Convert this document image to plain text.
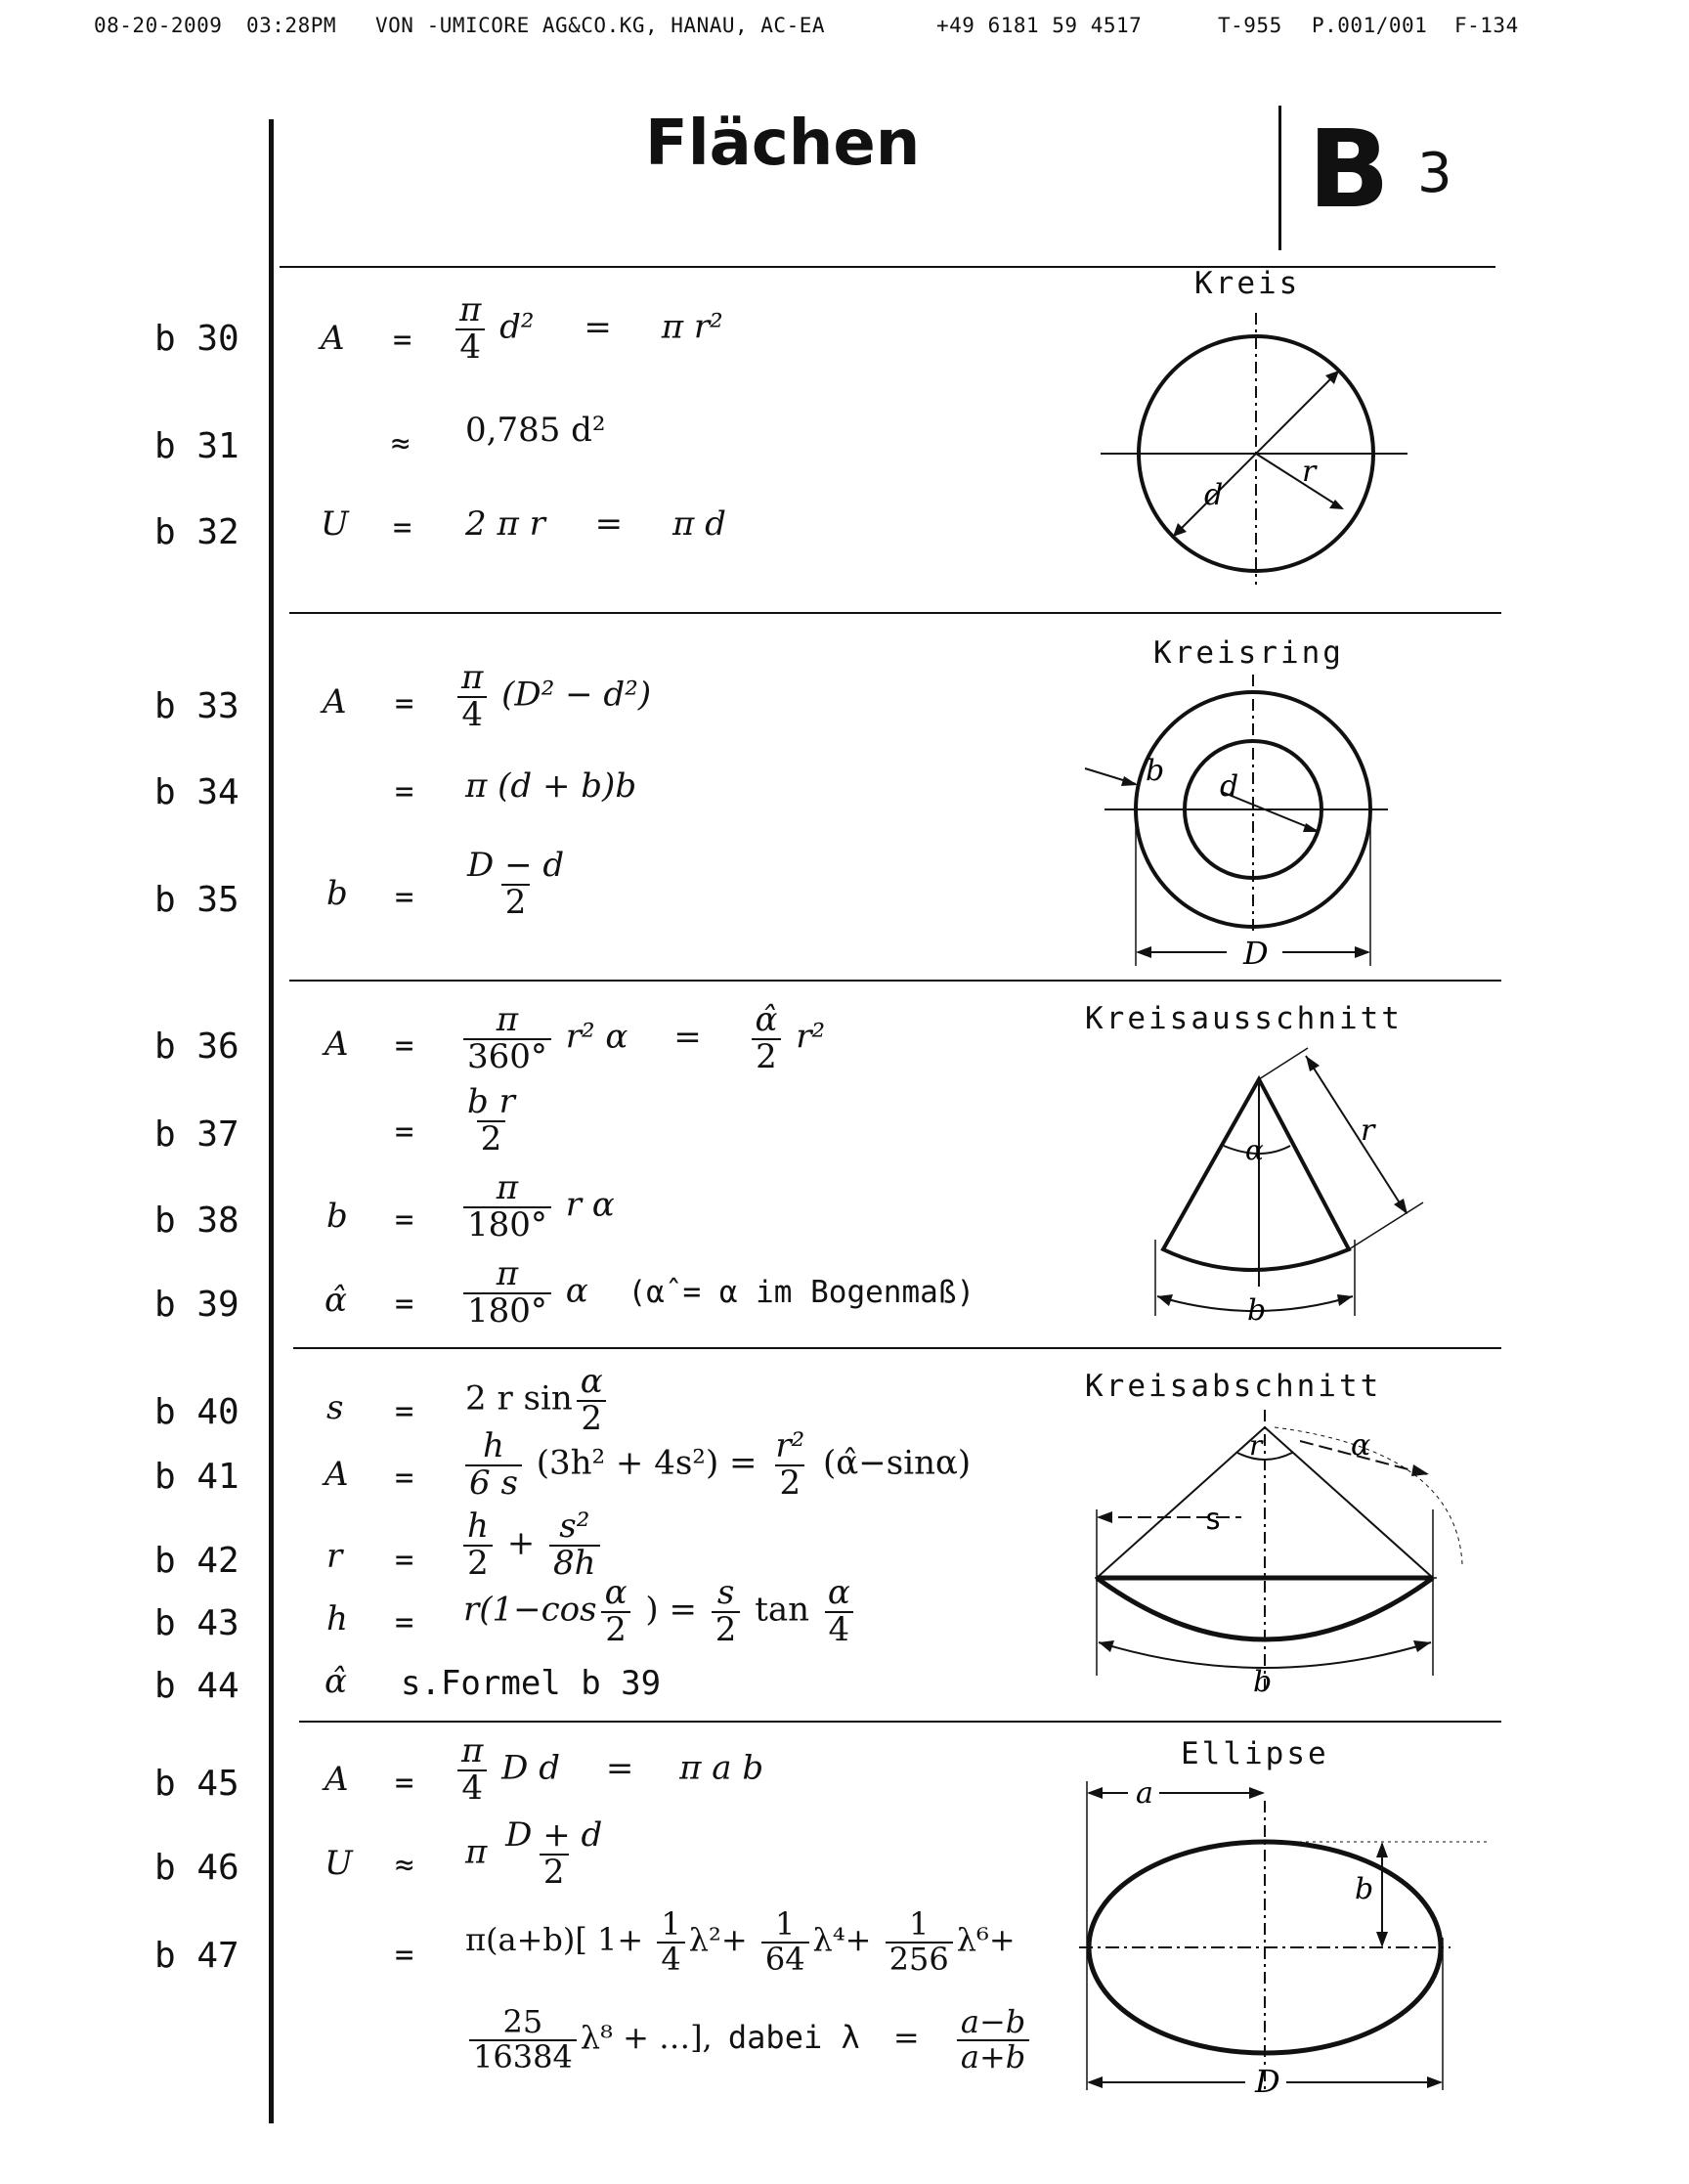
08-20-2009 03:28PM VON -UMICORE AG&CO.KG, HANAU, AC-EA	+49 6181 59 4517	T-955 P.001/001 F-134
Flächen	B 3
Kreis
b 30 $A = \frac{\pi}{4} d^2 = \pi$ r²
b 31	≈ 0,785 d²
b 32 U = 2 π r = π d
d
r
Kreisring
b 33	$A = \frac{\pi}{4} (D^2 - d^2)$
b 34	= π (d + b)b
b 35	$b = \frac{D - d}{2}$
b d
D
Kreisausschnitt
b 36	$A = \frac{\pi}{360^\circ} r^2$ $\alpha = \frac{\alphâ}{2} r^2$
b 37	= $\frac{\text{b r}}{2}$
b 38	$b = \frac{\pi}{180^\circ}$ r α
b 39	α̂ = $\frac{\pi}{180^\circ}$ α (α̂ = α im Bogenmaß)
r
α
b
Kreisabschnitt
b 40	s = 2 r $\sin \frac{\alpha}{2}$
b 41	$A = \frac{h}{6 s} (3h^2 + 4s^2) = \frac{\text{r²}}{2}$ (α̂−sinα)
b 42	$r = \frac{h}{2} + \frac{\text{s²}}{8h}$
b 43	$h = r(1-\cos \frac{\alpha}{2}$ ) = $\frac{s}{2}$ $\tan \frac{\alpha}{4}$
b 44	α̂ s.Formel b 39
α
r
s
b
Ellipse
b 45	$A = \frac{\pi}{4}$ D d = π a b
b 46	U ≈ π $\frac{D + d}{2}$
b 47	= π(a+b)[ $1+ \frac{1}{4} \lambda^2+ \frac{1}{64} \lambda^4+ \frac{1}{256} \lambda^6+$
$\frac{25}{16384} \lambda^8$ + …], dabei $\lambda = \frac{a-b}{a+b}$
a
b
D
